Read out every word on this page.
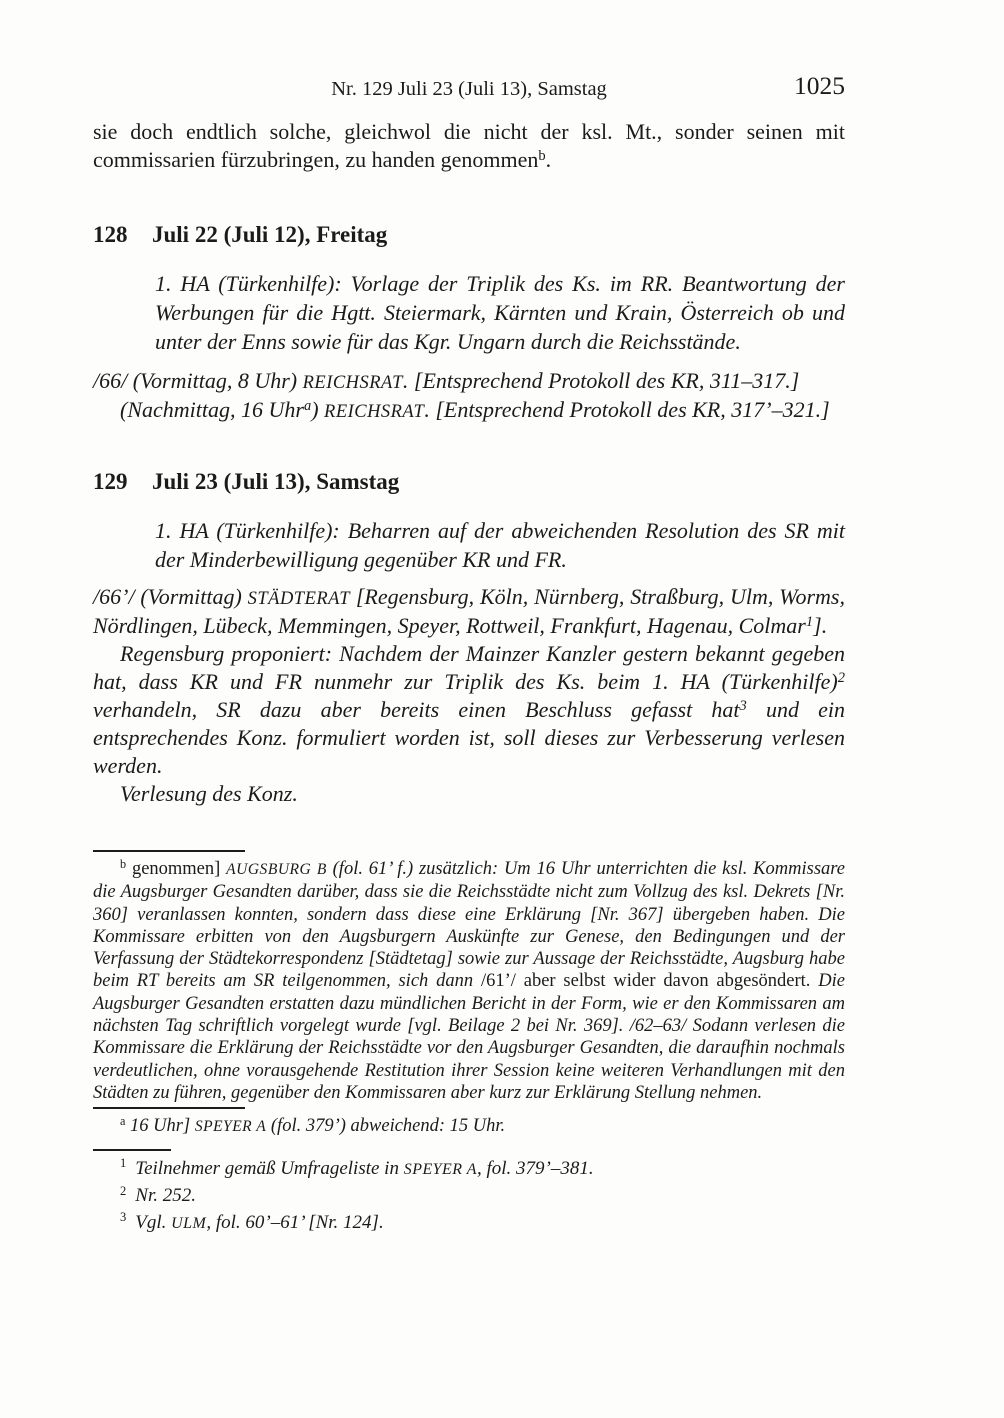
Nr. 129 Juli 23 (Juli 13), Samstag	1025

sie doch endtlich solche, gleichwol die nicht der ksl. Mt., sonder seinen mit commissarien fürzubringen, zu handen genommen$^b$.

128 Juli 22 (Juli 12), Freitag

1. HA (Türkenhilfe): Vorlage der Triplik des Ks. im RR. Beantwortung der Werbungen für die Hgtt. Steiermark, Kärnten und Krain, Österreich ob und unter der Enns sowie für das Kgr. Ungarn durch die Reichsstände.

/66/ (Vormittag, 8 Uhr) REICHSRAT. [Entsprechend Protokoll des KR, 311–317.]

(Nachmittag, 16 Uhr$^a$) REICHSRAT. [Entsprechend Protokoll des KR, 317’–321.]

129 Juli 23 (Juli 13), Samstag

1. HA (Türkenhilfe): Beharren auf der abweichenden Resolution des SR mit der Minderbewilligung gegenüber KR und FR.

/66’/ (Vormittag) STÄDTERAT [Regensburg, Köln, Nürnberg, Straßburg, Ulm, Worms, Nördlingen, Lübeck, Memmingen, Speyer, Rottweil, Frankfurt, Hagenau, Colmar$^1$].

Regensburg proponiert: Nachdem der Mainzer Kanzler gestern bekannt gegeben hat, dass KR und FR nunmehr zur Triplik des Ks. beim 1. HA (Türkenhilfe)$^2$ verhandeln, SR dazu aber bereits einen Beschluss gefasst hat$^3$ und ein entsprechendes Konz. formuliert worden ist, soll dieses zur Verbesserung verlesen werden.

Verlesung des Konz.

$^b$ genommen] AUGSBURG B (fol. 61’ f.) zusätzlich: Um 16 Uhr unterrichten die ksl. Kommissare die Augsburger Gesandten darüber, dass sie die Reichsstädte nicht zum Vollzug des ksl. Dekrets [Nr. 360] veranlassen konnten, sondern dass diese eine Erklärung [Nr. 367] übergeben haben. Die Kommissare erbitten von den Augsburgern Auskünfte zur Genese, den Bedingungen und der Verfassung der Städtekorrespondenz [Städtetag] sowie zur Aussage der Reichsstädte, Augsburg habe beim RT bereits am SR teilgenommen, sich dann /61’/ aber selbst wider davon abgesöndert. Die Augsburger Gesandten erstatten dazu mündlichen Bericht in der Form, wie er den Kommissaren am nächsten Tag schriftlich vorgelegt wurde [vgl. Beilage 2 bei Nr. 369]. /62–63/ Sodann verlesen die Kommissare die Erklärung der Reichsstädte vor den Augsburger Gesandten, die daraufhin nochmals verdeutlichen, ohne vorausgehende Restitution ihrer Session keine weiteren Verhandlungen mit den Städten zu führen, gegenüber den Kommissaren aber kurz zur Erklärung Stellung nehmen.

$^a$ 16 Uhr] SPEYER A (fol. 379’) abweichend: 15 Uhr.

$^1$ Teilnehmer gemäß Umfrageliste in SPEYER A, fol. 379’–381.

$^2$ Nr. 252.

$^3$ Vgl. ULM, fol. 60’–61’ [Nr. 124].
